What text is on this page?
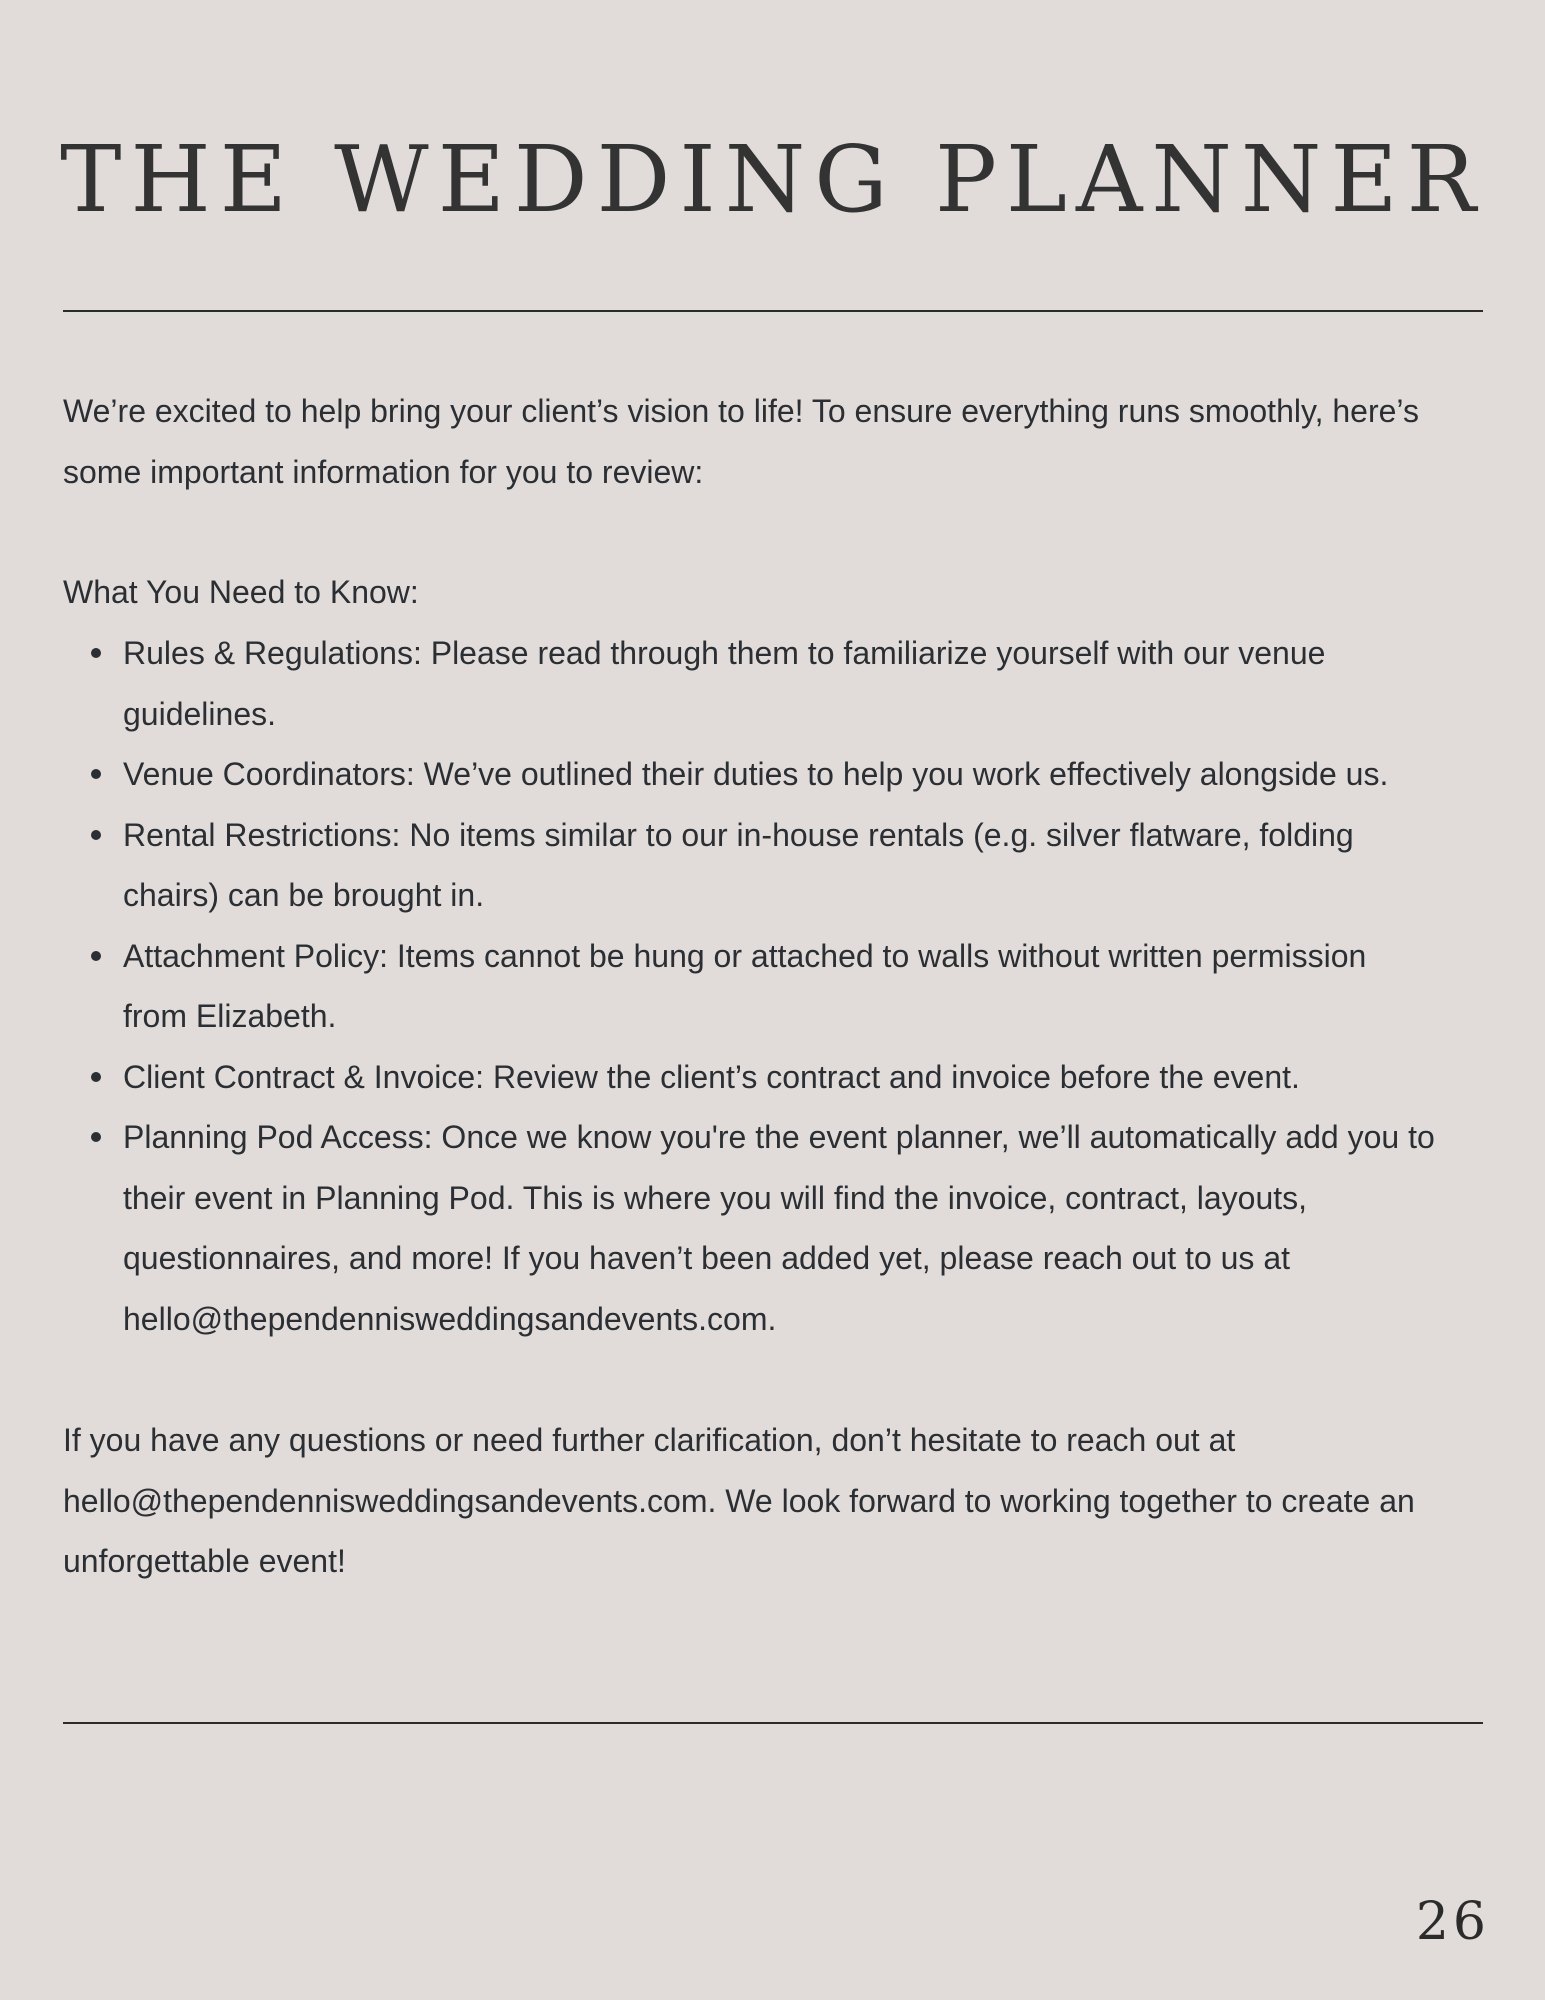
THE WEDDING PLANNER

We’re excited to help bring your client’s vision to life! To ensure everything runs smoothly, here’s
some important information for you to review:

What You Need to Know:

Rules & Regulations: Please read through them to familiarize yourself with our venue
guidelines.
Venue Coordinators: We’ve outlined their duties to help you work effectively alongside us.
Rental Restrictions: No items similar to our in-house rentals (e.g. silver flatware, folding
chairs) can be brought in.
Attachment Policy: Items cannot be hung or attached to walls without written permission
from Elizabeth.
Client Contract & Invoice: Review the client’s contract and invoice before the event.
Planning Pod Access: Once we know you're the event planner, we’ll automatically add you to
their event in Planning Pod. This is where you will find the invoice, contract, layouts,
questionnaires, and more! If you haven’t been added yet, please reach out to us at
hello@thependennisweddingsandevents.com.

If you have any questions or need further clarification, don’t hesitate to reach out at
hello@thependennisweddingsandevents.com. We look forward to working together to create an
unforgettable event!

26
